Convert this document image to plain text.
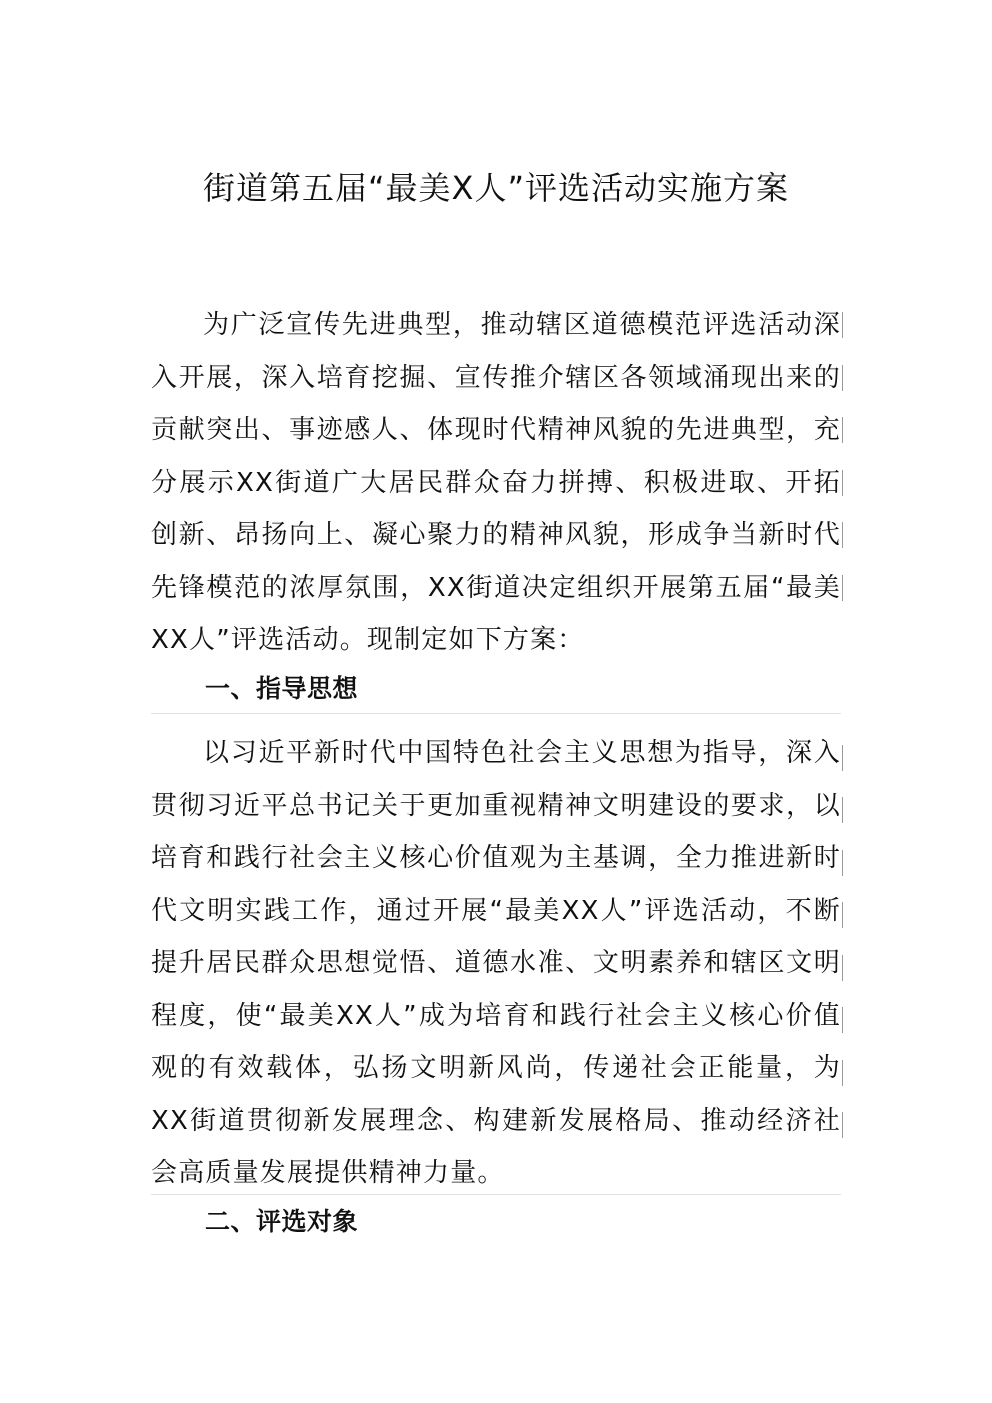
街道第五届“最美X人”评选活动实施方案
为广泛宣传先进典型，推动辖区道德模范评选活动深入开展，深入培育挖掘、宣传推介辖区各领域涌现出来的贡献突出、事迹感人、体现时代精神风貌的先进典型，充分展示XX街道广大居民群众奋力拼搏、积极进取、开拓创新、昂扬向上、凝心聚力的精神风貌，形成争当新时代先锋模范的浓厚氛围，XX街道决定组织开展第五届“最美XX人”评选活动。现制定如下方案：
一、指导思想
以习近平新时代中国特色社会主义思想为指导，深入贯彻习近平总书记关于更加重视精神文明建设的要求，以培育和践行社会主义核心价值观为主基调，全力推进新时代文明实践工作，通过开展“最美XX人”评选活动，不断提升居民群众思想觉悟、道德水准、文明素养和辖区文明程度，使“最美XX人”成为培育和践行社会主义核心价值观的有效载体，弘扬文明新风尚，传递社会正能量，为XX街道贯彻新发展理念、构建新发展格局、推动经济社会高质量发展提供精神力量。
二、评选对象
